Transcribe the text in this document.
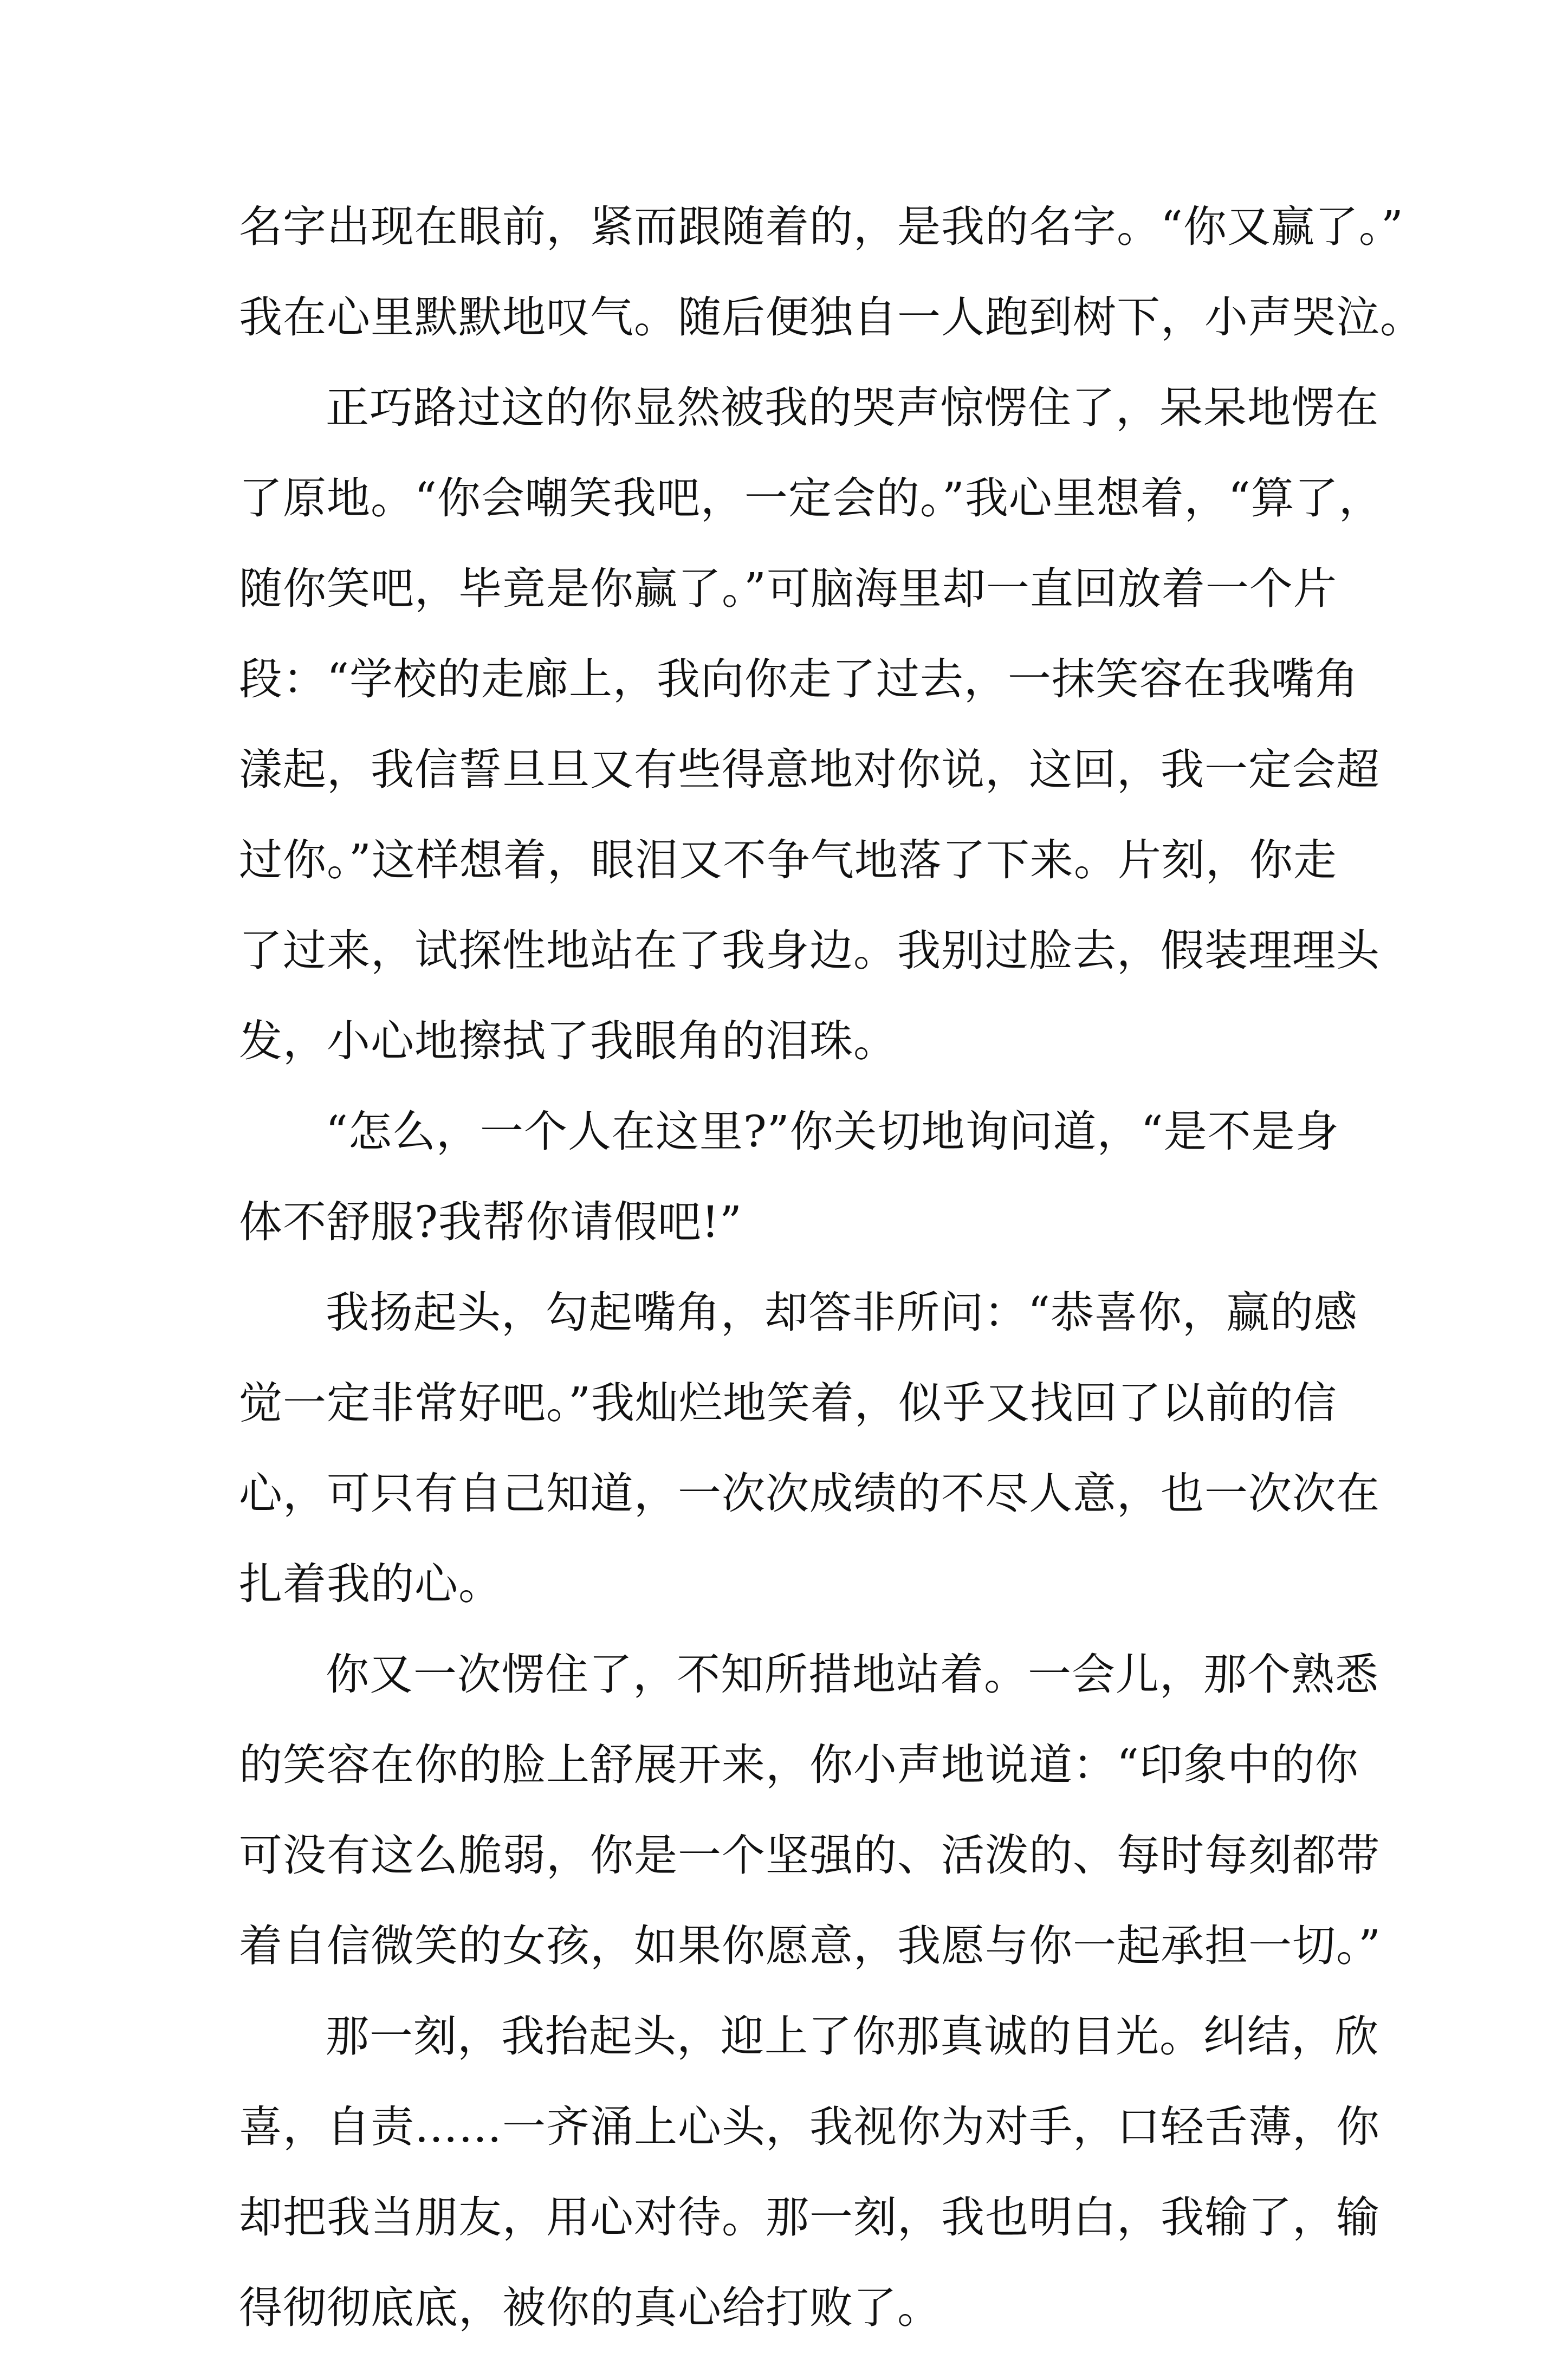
名字出现在眼前，紧而跟随着的，是我的名字。“你又赢了。”
我在心里默默地叹气。随后便独自一人跑到树下，小声哭泣。
正巧路过这的你显然被我的哭声惊愣住了，呆呆地愣在
了原地。“你会嘲笑我吧，一定会的。”我心里想着，“算了，
随你笑吧，毕竟是你赢了。”可脑海里却一直回放着一个片
段：“学校的走廊上，我向你走了过去，一抹笑容在我嘴角
漾起，我信誓旦旦又有些得意地对你说，这回，我一定会超
过你。”这样想着，眼泪又不争气地落了下来。片刻，你走
了过来，试探性地站在了我身边。我别过脸去，假装理理头
发，小心地擦拭了我眼角的泪珠。
“怎么，一个人在这里?”你关切地询问道，“是不是身
体不舒服?我帮你请假吧!”
我扬起头，勾起嘴角，却答非所问：“恭喜你，赢的感
觉一定非常好吧。”我灿烂地笑着，似乎又找回了以前的信
心，可只有自己知道，一次次成绩的不尽人意，也一次次在
扎着我的心。
你又一次愣住了，不知所措地站着。一会儿，那个熟悉
的笑容在你的脸上舒展开来，你小声地说道：“印象中的你
可没有这么脆弱，你是一个坚强的、活泼的、每时每刻都带
着自信微笑的女孩，如果你愿意，我愿与你一起承担一切。”
那一刻，我抬起头，迎上了你那真诚的目光。纠结，欣
喜，自责……一齐涌上心头，我视你为对手，口轻舌薄，你
却把我当朋友，用心对待。那一刻，我也明白，我输了，输
得彻彻底底，被你的真心给打败了。
